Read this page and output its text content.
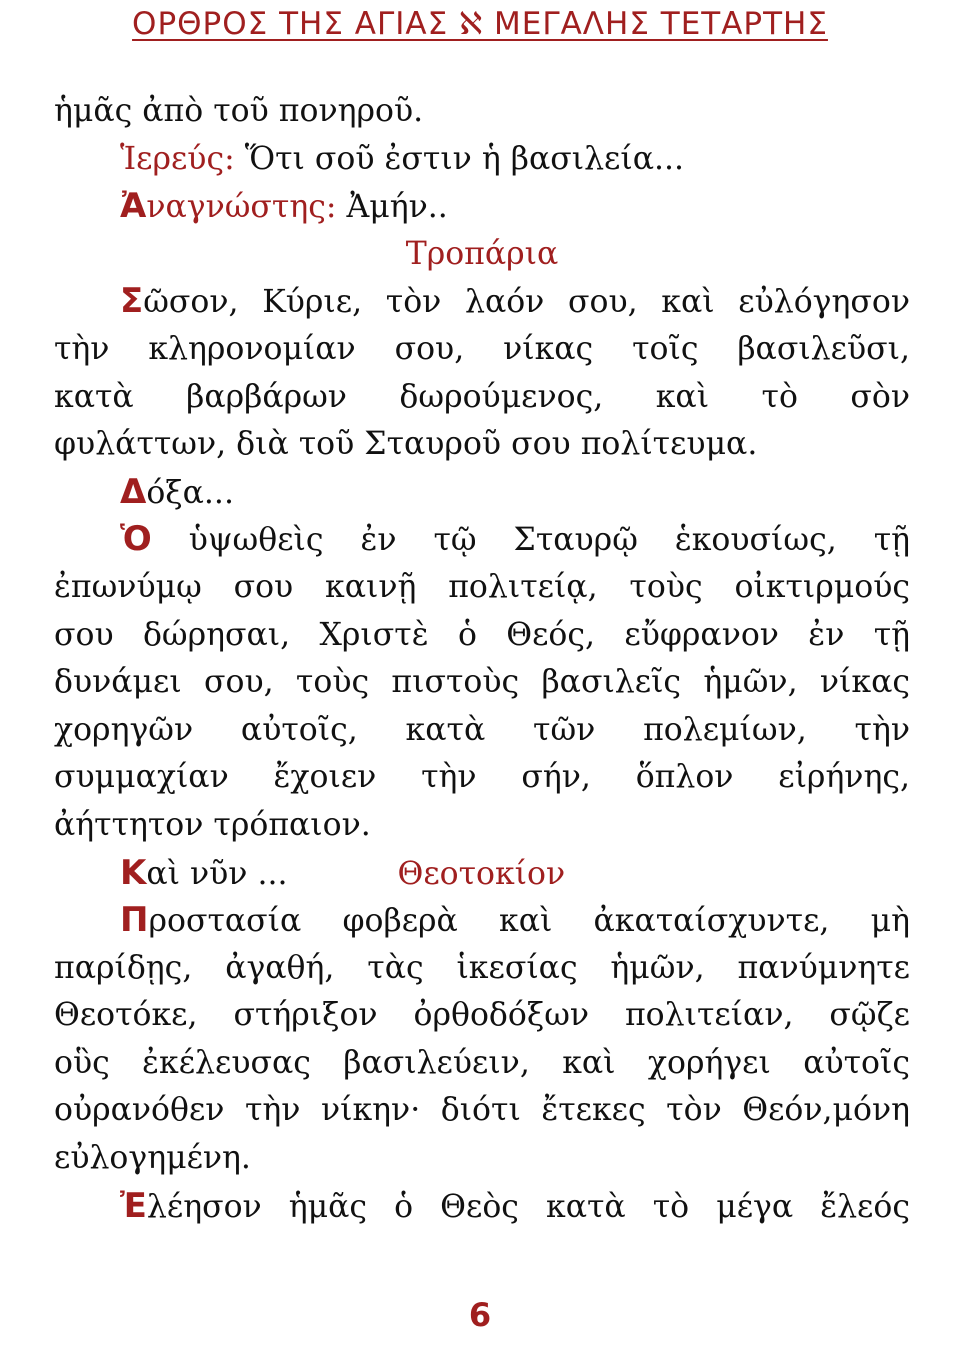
ΟΡΘΡΟΣ ΤΗΣ ΑΓΙΑΣ ℵ ΜΕΓΑΛΗΣ ΤΕΤΑΡΤΗΣ
ἡμᾶς ἀπὸ τοῦ πονηροῦ.
Ἱερεύς: Ὅτι σοῦ ἐστιν ἡ βασιλεία...
Ἀναγνώστης: Ἀμήν..
Τροπάρια
Σῶσον, Κύριε, τὸν λαόν σου, καὶ εὐλόγησον
τὴν κληρονομίαν σου, νίκας τοῖς βασιλεῦσι,
κατὰ βαρβάρων δωρούμενος, καὶ τὸ σὸν
φυλάττων, διὰ τοῦ Σταυροῦ σου πολίτευμα.
Δόξα...
Ὁ ὑψωθεὶς ἐν τῷ Σταυρῷ ἑκουσίως, τῇ
ἐπωνύμῳ σου καινῇ πολιτείᾳ, τοὺς οἰκτιρμούς
σου δώρησαι, Χριστὲ ὁ Θεός, εὔφρανον ἐν τῇ
δυνάμει σου, τοὺς πιστοὺς βασιλεῖς ἡμῶν, νίκας
χορηγῶν αὐτοῖς, κατὰ τῶν πολεμίων, τὴν
συμμαχίαν ἔχοιεν τὴν σήν, ὅπλον εἰρήνης,
ἀήττητον τρόπαιον.
Καὶ νῦν ...	Θεοτοκίον
Προστασία φοβερὰ καὶ ἀκαταίσχυντε, μὴ
παρίδῃς, ἀγαθή, τὰς ἱκεσίας ἡμῶν, πανύμνητε
Θεοτόκε, στήριξον ὀρθοδόξων πολιτείαν, σῷζε
οὓς ἐκέλευσας βασιλεύειν, καὶ χορήγει αὐτοῖς
οὐρανόθεν τὴν νίκην· διότι ἔτεκες τὸν Θεόν,μόνη
εὐλογημένη.
Ἐλέησον ἡμᾶς ὁ Θεὸς κατὰ τὸ μέγα ἔλεός
6
